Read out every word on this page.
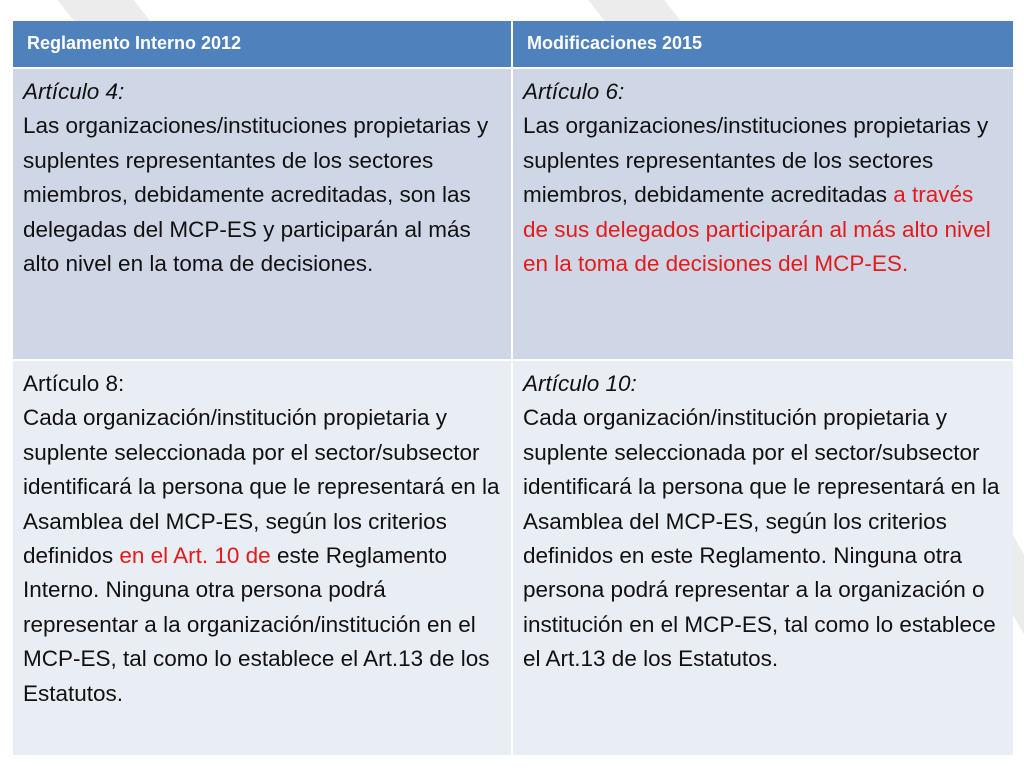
Reglamento Interno 2012	Modificaciones 2015
Artículo 4:
Las organizaciones/instituciones propietarias y suplentes representantes de los sectores miembros, debidamente acreditadas, son las delegadas del MCP-ES y participarán al más alto nivel en la toma de decisiones.
Artículo 6:
Las organizaciones/instituciones propietarias y suplentes representantes de los sectores miembros, debidamente acreditadas a través de sus delegados participarán al más alto nivel en la toma de decisiones del MCP-ES.
Artículo 8:
Cada organización/institución propietaria y suplente seleccionada por el sector/subsector identificará la persona que le representará en la Asamblea del MCP-ES, según los criterios definidos en el Art. 10 de este Reglamento Interno. Ninguna otra persona podrá representar a la organización/institución en el MCP-ES, tal como lo establece el Art.13 de los Estatutos.
Artículo 10:
Cada organización/institución propietaria y suplente seleccionada por el sector/subsector identificará la persona que le representará en la Asamblea del MCP-ES, según los criterios definidos en este Reglamento. Ninguna otra persona podrá representar a la organización o institución en el MCP-ES, tal como lo establece el Art.13 de los Estatutos.
